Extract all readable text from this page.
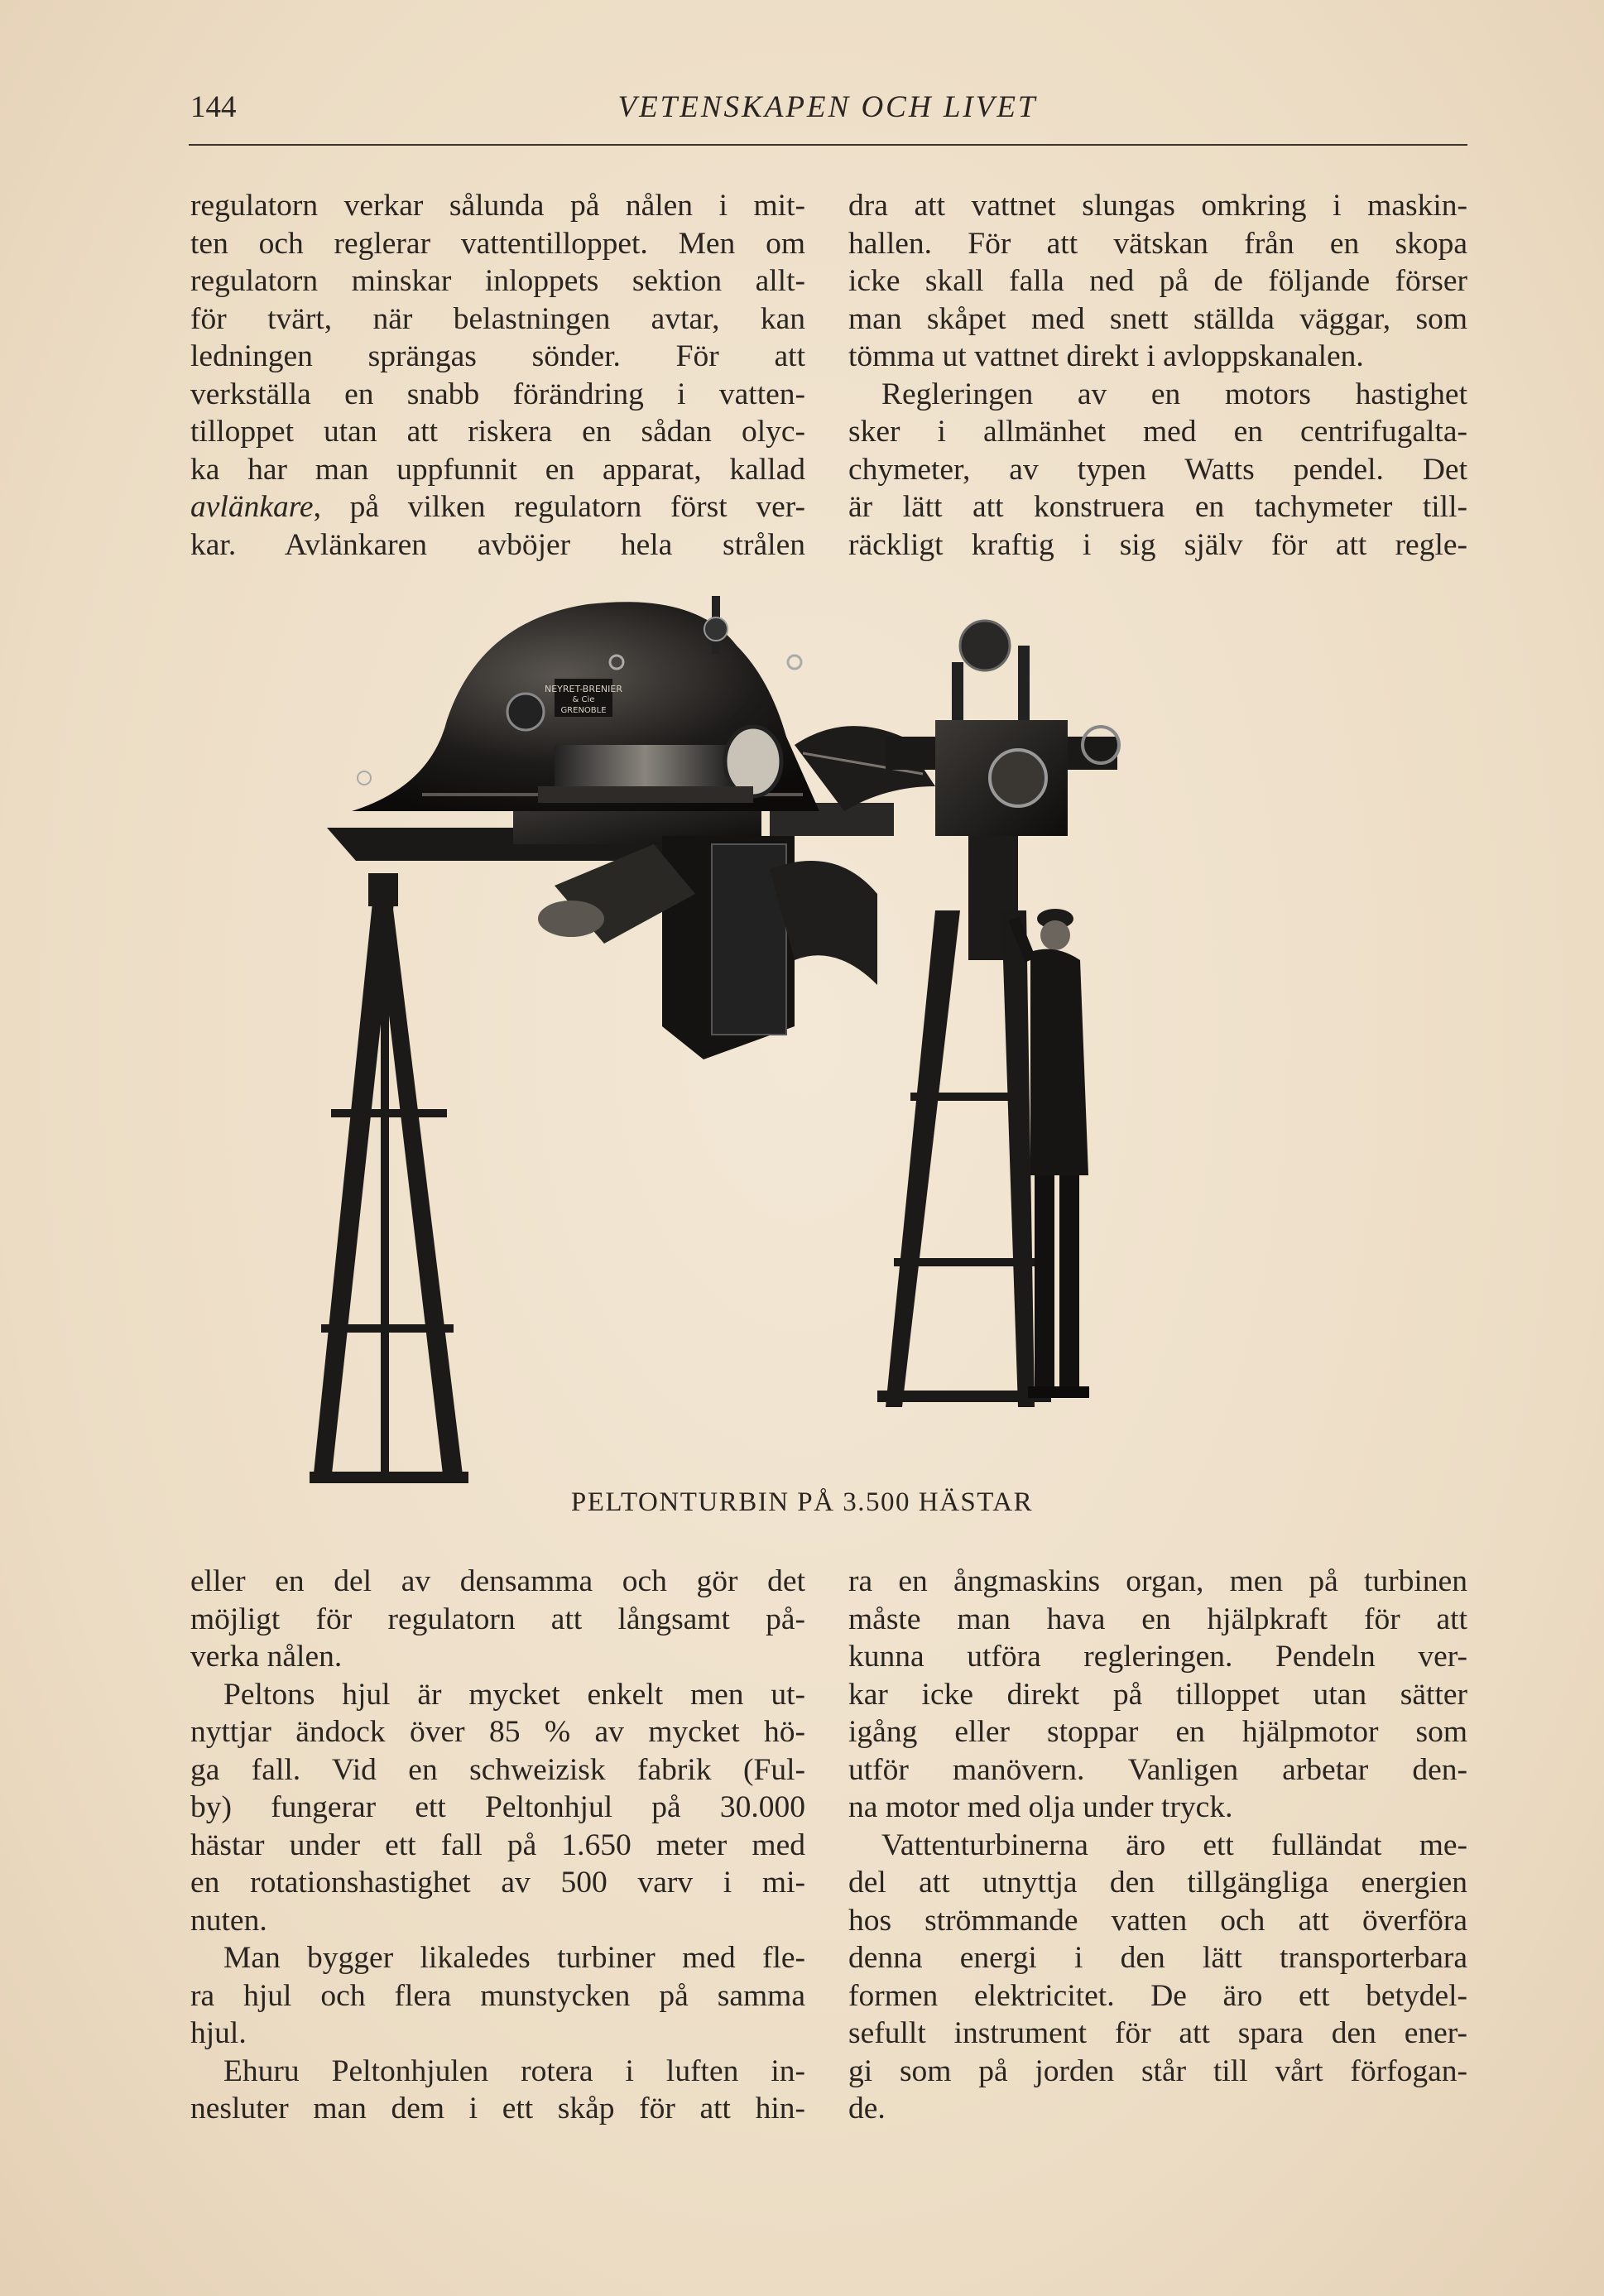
144	VETENSKAPEN OCH LIVET
regulatorn verkar sålunda på nålen i mit-
ten och reglerar vattentilloppet. Men om
regulatorn minskar inloppets sektion allt-
för tvärt, när belastningen avtar, kan
ledningen sprängas sönder. För att
verkställa en snabb förändring i vatten-
tilloppet utan att riskera en sådan olyc-
ka har man uppfunnit en apparat, kallad
avlänkare, på vilken regulatorn först ver-
kar. Avlänkaren avböjer hela strålen
dra att vattnet slungas omkring i maskin-
hallen. För att vätskan från en skopa
icke skall falla ned på de följande förser
man skåpet med snett ställda väggar, som
tömma ut vattnet direkt i avloppskanalen.
Regleringen av en motors hastighet
sker i allmänhet med en centrifugalta-
chymeter, av typen Watts pendel. Det
är lätt att konstruera en tachymeter till-
räckligt kraftig i sig själv för att regle-
NEYRET-BRENIER
& Cie
GRENOBLE
PELTONTURBIN PÅ 3.500 HÄSTAR
eller en del av densamma och gör det
möjligt för regulatorn att långsamt på-
verka nålen.
Peltons hjul är mycket enkelt men ut-
nyttjar ändock över 85 % av mycket hö-
ga fall. Vid en schweizisk fabrik (Ful-
by) fungerar ett Peltonhjul på 30.000
hästar under ett fall på 1.650 meter med
en rotationshastighet av 500 varv i mi-
nuten.
Man bygger likaledes turbiner med fle-
ra hjul och flera munstycken på samma
hjul.
Ehuru Peltonhjulen rotera i luften in-
nesluter man dem i ett skåp för att hin-
ra en ångmaskins organ, men på turbinen
måste man hava en hjälpkraft för att
kunna utföra regleringen. Pendeln ver-
kar icke direkt på tilloppet utan sätter
igång eller stoppar en hjälpmotor som
utför manövern. Vanligen arbetar den-
na motor med olja under tryck.
Vattenturbinerna äro ett fulländat me-
del att utnyttja den tillgängliga energien
hos strömmande vatten och att överföra
denna energi i den lätt transporterbara
formen elektricitet. De äro ett betydel-
sefullt instrument för att spara den ener-
gi som på jorden står till vårt förfogan-
de.
